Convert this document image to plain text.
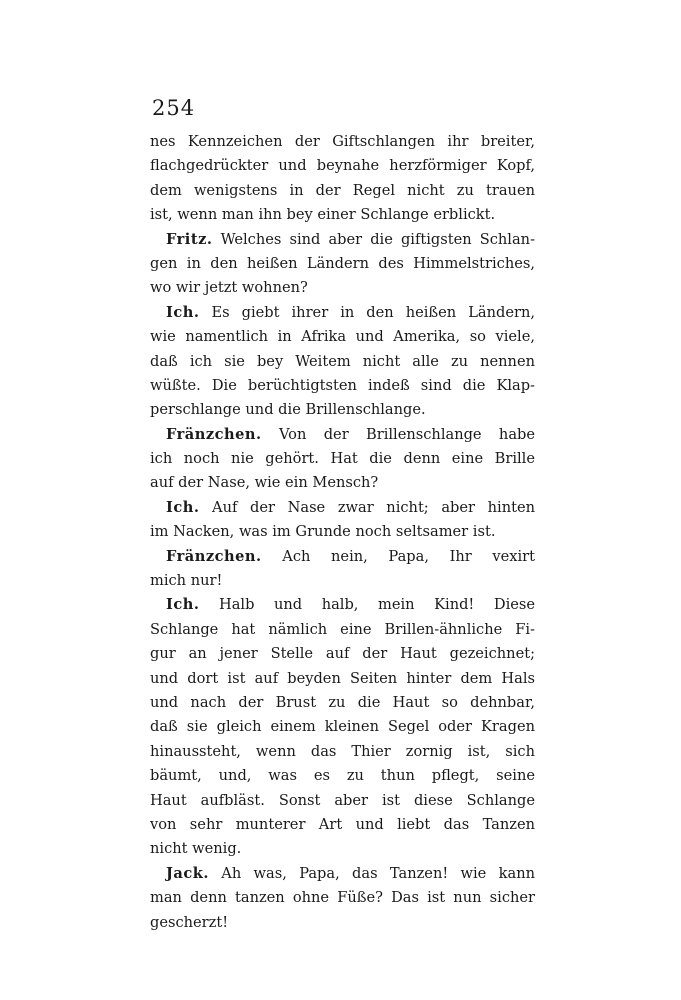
254
nes Kennzeichen der Giftschlangen ihr breiter,
flachgedrückter und beynahe herzförmiger Kopf,
dem wenigstens in der Regel nicht zu trauen
ist, wenn man ihn bey einer Schlange erblickt.
Fritz. Welches sind aber die giftigsten Schlan-
gen in den heißen Ländern des Himmelstriches,
wo wir jetzt wohnen?
Ich. Es giebt ihrer in den heißen Ländern,
wie namentlich in Afrika und Amerika, so viele,
daß ich sie bey Weitem nicht alle zu nennen
wüßte. Die berüchtigtsten indeß sind die Klap-
perschlange und die Brillenschlange.
Fränzchen. Von der Brillenschlange habe
ich noch nie gehört. Hat die denn eine Brille
auf der Nase, wie ein Mensch?
Ich. Auf der Nase zwar nicht; aber hinten
im Nacken, was im Grunde noch seltsamer ist.
Fränzchen. Ach nein, Papa, Ihr vexirt
mich nur!
Ich. Halb und halb, mein Kind! Diese
Schlange hat nämlich eine Brillen-ähnliche Fi-
gur an jener Stelle auf der Haut gezeichnet;
und dort ist auf beyden Seiten hinter dem Hals
und nach der Brust zu die Haut so dehnbar,
daß sie gleich einem kleinen Segel oder Kragen
hinaussteht, wenn das Thier zornig ist, sich
bäumt, und, was es zu thun pflegt, seine
Haut aufbläst. Sonst aber ist diese Schlange
von sehr munterer Art und liebt das Tanzen
nicht wenig.
Jack. Ah was, Papa, das Tanzen! wie kann
man denn tanzen ohne Füße? Das ist nun sicher
gescherzt!
